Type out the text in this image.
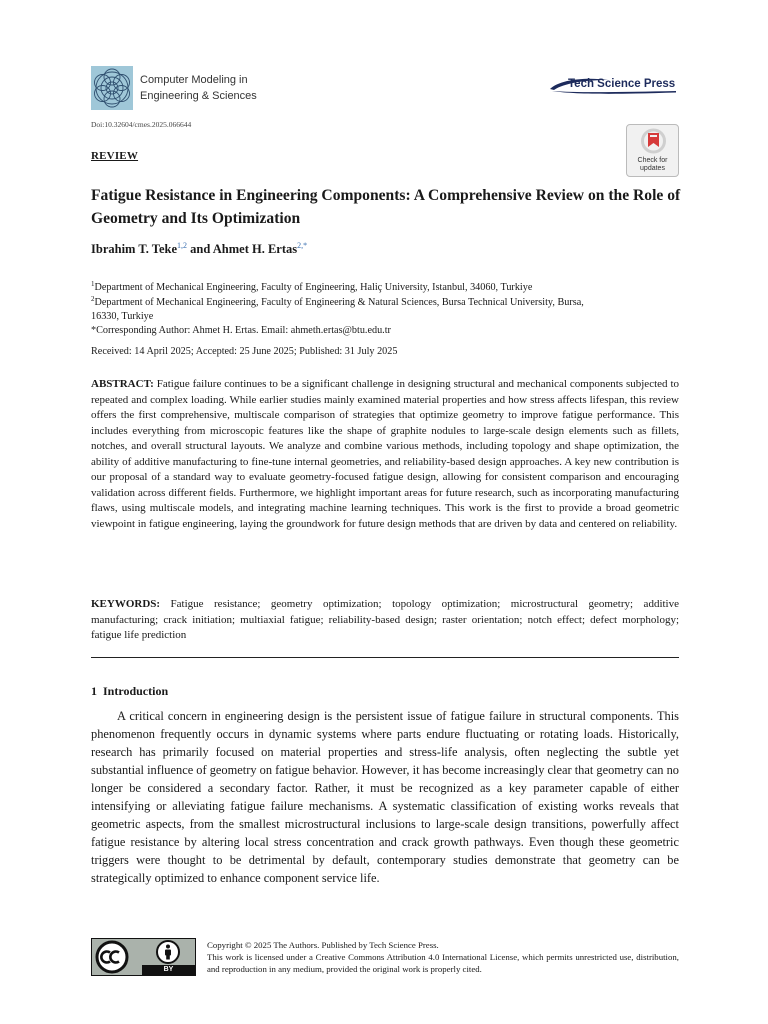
Computer Modeling in
Engineering & Sciences
Tech Science Press
Doi:10.32604/cmes.2025.066644
Check for
updates
REVIEW
Fatigue Resistance in Engineering Components: A Comprehensive Review on the Role of Geometry and Its Optimization
Ibrahim T. Teke$^{1,2}$ and Ahmet H. Ertas$^{2,*}$
$^1$Department of Mechanical Engineering, Faculty of Engineering, Haliç University, Istanbul, 34060, Turkiye
$^2$Department of Mechanical Engineering, Faculty of Engineering & Natural Sciences, Bursa Technical University, Bursa, 16330, Turkiye
*Corresponding Author: Ahmet H. Ertas. Email: ahmeth.ertas@btu.edu.tr
Received: 14 April 2025; Accepted: 25 June 2025; Published: 31 July 2025
ABSTRACT: Fatigue failure continues to be a significant challenge in designing structural and mechanical components subjected to repeated and complex loading. While earlier studies mainly examined material properties and how stress affects lifespan, this review offers the first comprehensive, multiscale comparison of strategies that optimize geometry to improve fatigue performance. This includes everything from microscopic features like the shape of graphite nodules to large-scale design elements such as fillets, notches, and overall structural layouts. We analyze and combine various methods, including topology and shape optimization, the ability of additive manufacturing to fine-tune internal geometries, and reliability-based design approaches. A key new contribution is our proposal of a standard way to evaluate geometry-focused fatigue design, allowing for consistent comparison and encouraging validation across different fields. Furthermore, we highlight important areas for future research, such as incorporating manufacturing flaws, using multiscale models, and integrating machine learning techniques. This work is the first to provide a broad geometric viewpoint in fatigue engineering, laying the groundwork for future design methods that are driven by data and centered on reliability.
KEYWORDS: Fatigue resistance; geometry optimization; topology optimization; microstructural geometry; additive manufacturing; crack initiation; multiaxial fatigue; reliability-based design; raster orientation; notch effect; defect morphology; fatigue life prediction
1 Introduction

A critical concern in engineering design is the persistent issue of fatigue failure in structural components. This phenomenon frequently occurs in dynamic systems where parts endure fluctuating or rotating loads. Historically, research has primarily focused on material properties and stress-life analysis, often neglecting the subtle yet substantial influence of geometry on fatigue behavior. However, it has become increasingly clear that geometry can no longer be considered a secondary factor. Rather, it must be recognized as a key parameter capable of either intensifying or alleviating fatigue failure mechanisms. A systematic classification of existing works reveals that geometric aspects, from the smallest microstructural inclusions to large-scale design transitions, powerfully affect fatigue resistance by altering local stress concentration and crack growth pathways. Even though these geometric triggers were thought to be detrimental by default, contemporary studies demonstrate that geometry can be strategically optimized to enhance component service life.

BY
Copyright © 2025 The Authors. Published by Tech Science Press.
This work is licensed under a Creative Commons Attribution 4.0 International License, which permits unrestricted use, distribution, and reproduction in any medium, provided the original work is properly cited.
